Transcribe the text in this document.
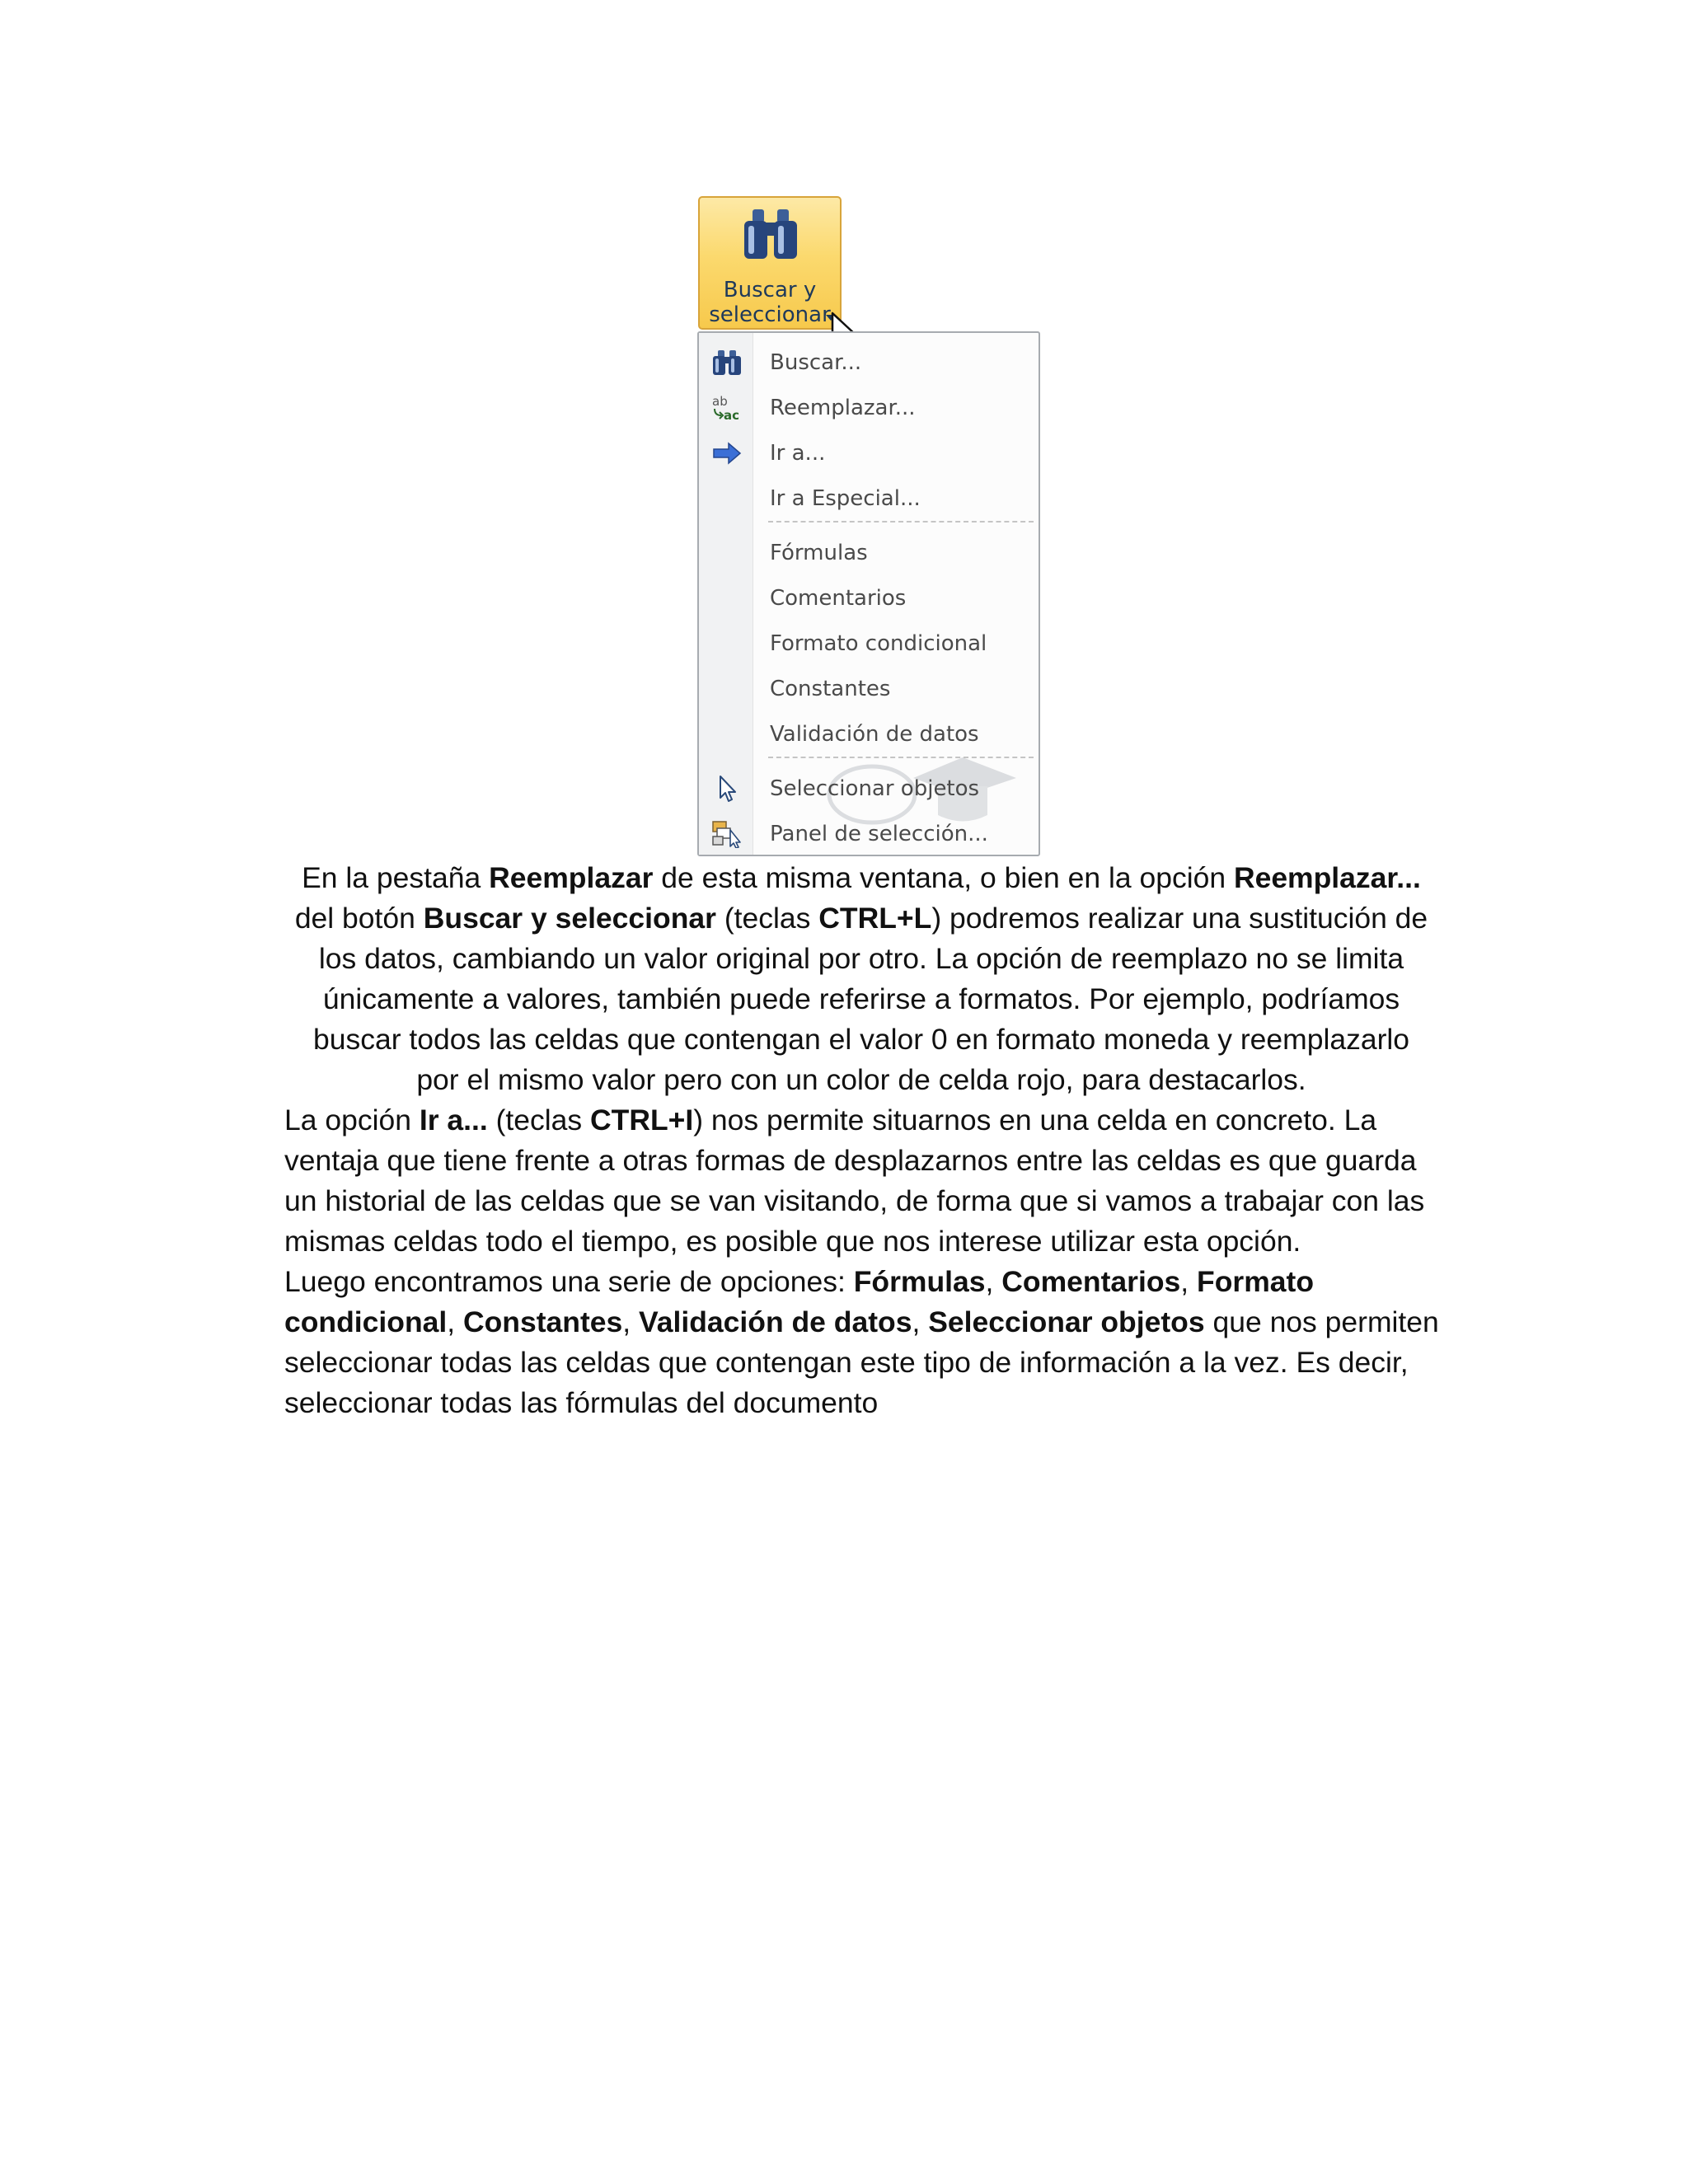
Buscar y
seleccionar
Buscar...
ab
ac Reemplazar...
Ir a...
Ir a Especial...
Fórmulas
Comentarios
Formato condicional
Constantes
Validación de datos
Seleccionar objetos
Panel de selección...
En la pestaña Reemplazar de esta misma ventana, o bien en la opción Reemplazar...
del botón Buscar y seleccionar (teclas CTRL+L) podremos realizar una sustitución de
los datos, cambiando un valor original por otro. La opción de reemplazo no se limita
únicamente a valores, también puede referirse a formatos. Por ejemplo, podríamos
buscar todos las celdas que contengan el valor 0 en formato moneda y reemplazarlo
por el mismo valor pero con un color de celda rojo, para destacarlos.
La opción Ir a... (teclas CTRL+I) nos permite situarnos en una celda en concreto. La
ventaja que tiene frente a otras formas de desplazarnos entre las celdas es que guarda
un historial de las celdas que se van visitando, de forma que si vamos a trabajar con las
mismas celdas todo el tiempo, es posible que nos interese utilizar esta opción.
Luego encontramos una serie de opciones: Fórmulas, Comentarios, Formato
condicional, Constantes, Validación de datos, Seleccionar objetos que nos permiten
seleccionar todas las celdas que contengan este tipo de información a la vez. Es decir,
seleccionar todas las fórmulas del documento
